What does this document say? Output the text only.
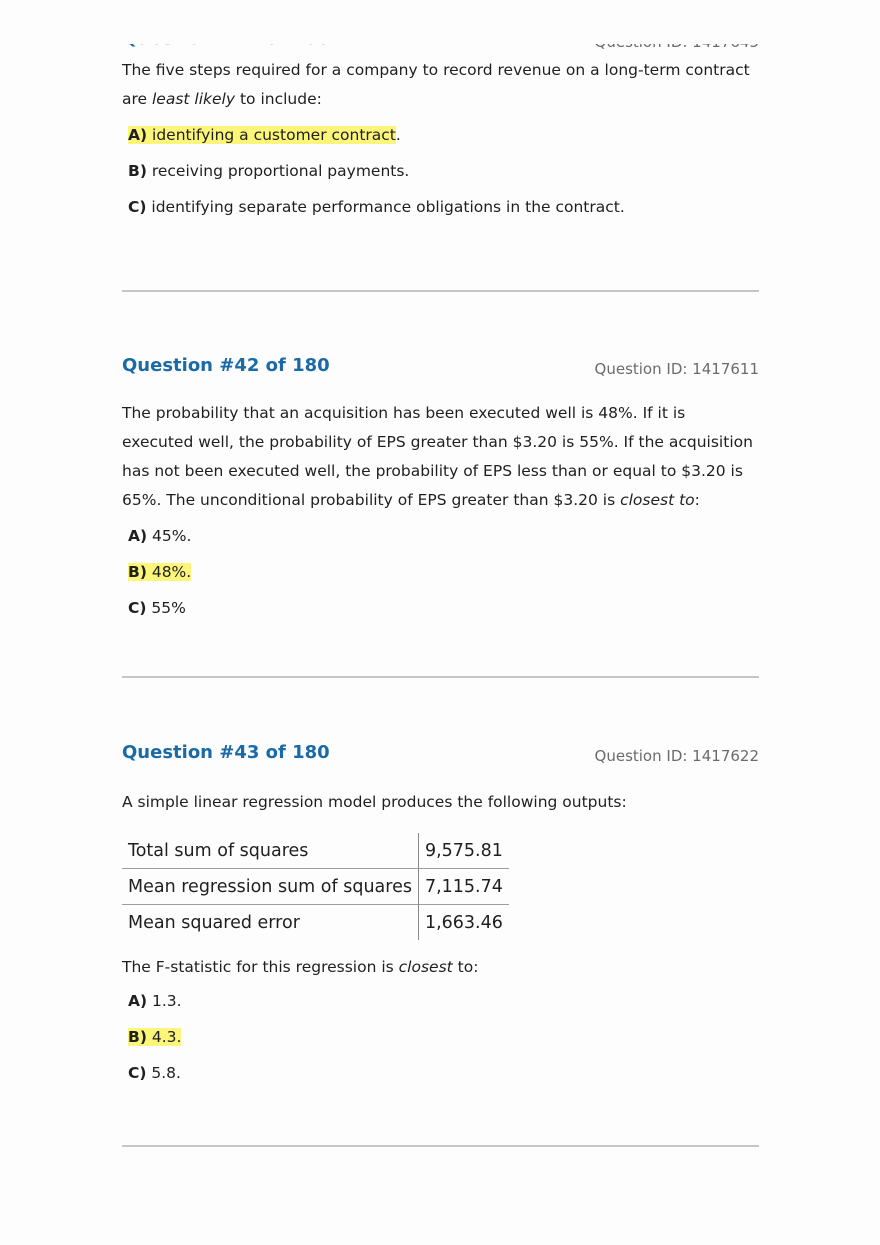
The five steps required for a company to record revenue on a long-term contract are least likely to include:
A) identifying a customer contract.
B) receiving proportional payments.
C) identifying separate performance obligations in the contract.
Question #42 of 180	Question ID: 1417611
The probability that an acquisition has been executed well is 48%. If it is executed well, the probability of EPS greater than $3.20 is 55%. If the acquisition has not been executed well, the probability of EPS less than or equal to $3.20 is 65%. The unconditional probability of EPS greater than $3.20 is closest to:
A) 45%.
B) 48%.
C) 55%
Question #43 of 180	Question ID: 1417622
A simple linear regression model produces the following outputs:
Total sum of squares	9,575.81
Mean regression sum of squares	7,115.74
Mean squared error	1,663.46
The F-statistic for this regression is closest to:
A) 1.3.
B) 4.3.
C) 5.8.
